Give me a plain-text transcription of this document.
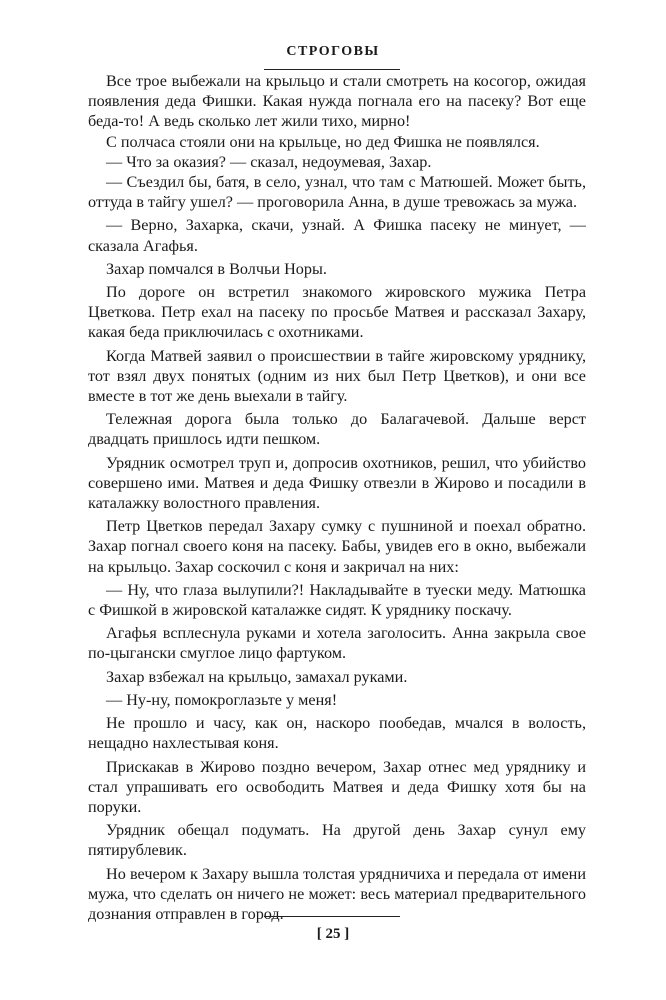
СТРОГОВЫ

Все трое выбежали на крыльцо и стали смотреть на косогор, ожидая появления деда Фишки. Какая нужда погнала его на пасеку? Вот еще беда-то! А ведь сколько лет жили тихо, мирно!

С полчаса стояли они на крыльце, но дед Фишка не появлялся.

— Что за оказия? — сказал, недоумевая, Захар.

— Съездил бы, батя, в село, узнал, что там с Матюшей. Может быть, оттуда в тайгу ушел? — проговорила Анна, в душе тревожась за мужа.

— Верно, Захарка, скачи, узнай. А Фишка пасеку не минует, — сказала Агафья.

Захар помчался в Волчьи Норы.

По дороге он встретил знакомого жировского мужика Петра Цветкова. Петр ехал на пасеку по просьбе Матвея и рассказал Захару, какая беда приключилась с охотниками.

Когда Матвей заявил о происшествии в тайге жировскому уряднику, тот взял двух понятых (одним из них был Петр Цветков), и они все вместе в тот же день выехали в тайгу.

Тележная дорога была только до Балагачевой. Дальше верст двадцать пришлось идти пешком.

Урядник осмотрел труп и, допросив охотников, решил, что убийство совершено ими. Матвея и деда Фишку отвезли в Жирово и посадили в каталажку волостного правления.

Петр Цветков передал Захару сумку с пушниной и поехал обратно. Захар погнал своего коня на пасеку. Бабы, увидев его в окно, выбежали на крыльцо. Захар соскочил с коня и закричал на них:

— Ну, что глаза вылупили?! Накладывайте в туески меду. Матюшка с Фишкой в жировской каталажке сидят. К уряднику поскачу.

Агафья всплеснула руками и хотела заголосить. Анна закрыла свое по-цыгански смуглое лицо фартуком.

Захар взбежал на крыльцо, замахал руками.

— Ну-ну, помокроглазьте у меня!

Не прошло и часу, как он, наскоро пообедав, мчался в волость, нещадно нахлестывая коня.

Прискакав в Жирово поздно вечером, Захар отнес мед уряднику и стал упрашивать его освободить Матвея и деда Фишку хотя бы на поруки.

Урядник обещал подумать. На другой день Захар сунул ему пятирублевик.

Но вечером к Захару вышла толстая урядничиха и передала от имени мужа, что сделать он ничего не может: весь материал предварительного дознания отправлен в город.

[ 25 ]
